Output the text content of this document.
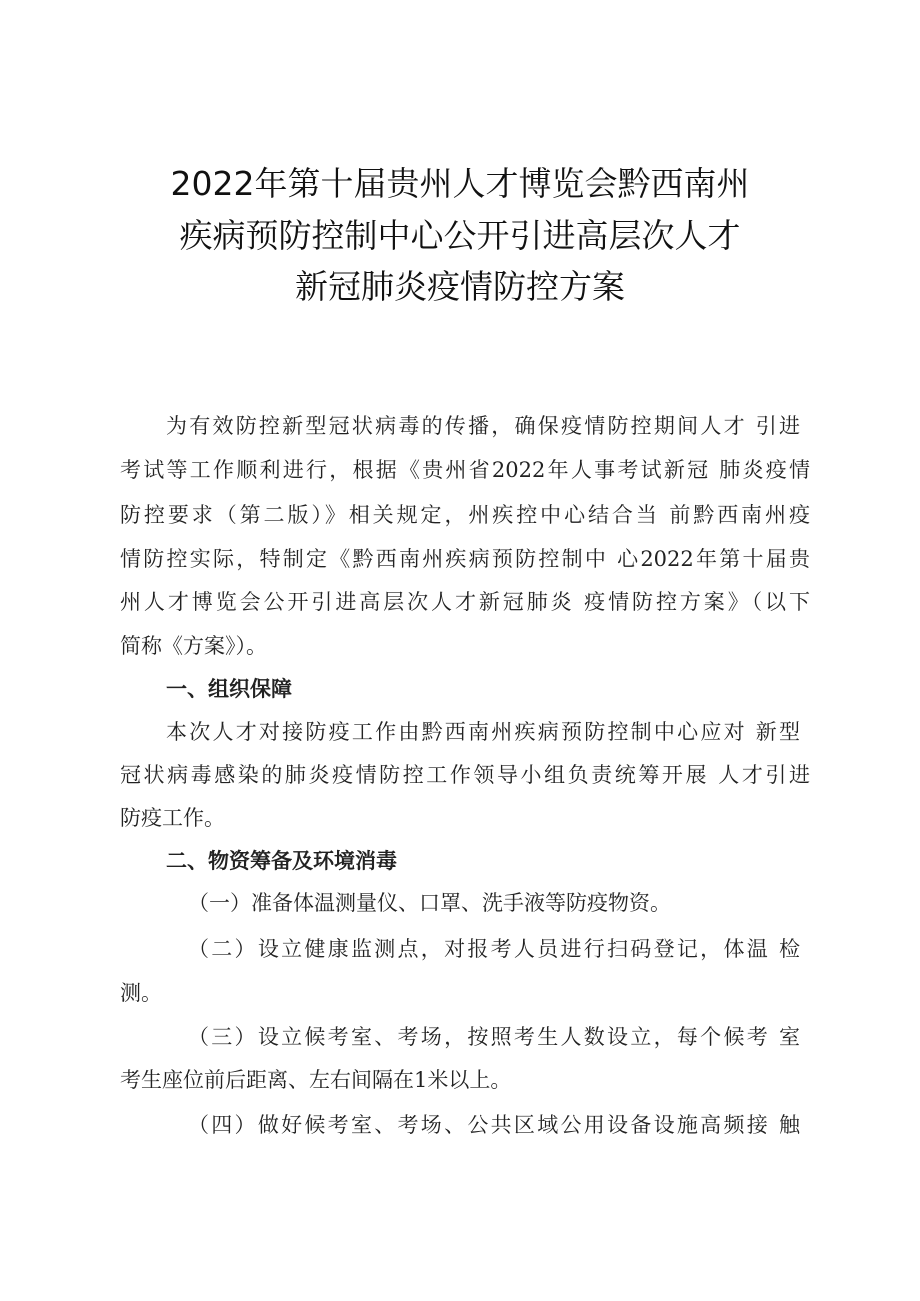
2022年第十届贵州人才博览会黔西南州
疾病预防控制中心公开引进高层次人才
新冠肺炎疫情防控方案
为有效防控新型冠状病毒的传播，确保疫情防控期间人才 引进
考试等工作顺利进行，根据《贵州省2022年人事考试新冠 肺炎疫情
防控要求（第二版）》相关规定，州疾控中心结合当 前黔西南州疫
情防控实际，特制定《黔西南州疾病预防控制中 心2022年第十届贵
州人才博览会公开引进高层次人才新冠肺炎 疫情防控方案》（以下
简称《方案》）。
一、组织保障
本次人才对接防疫工作由黔西南州疾病预防控制中心应对 新型
冠状病毒感染的肺炎疫情防控工作领导小组负责统筹开展 人才引进
防疫工作。
二、物资筹备及环境消毒
（一）准备体温测量仪、口罩、洗手液等防疫物资。
（二）设立健康监测点，对报考人员进行扫码登记，体温 检
测。
（三）设立候考室、考场，按照考生人数设立，每个候考 室
考生座位前后距离、左右间隔在1米以上。
（四）做好候考室、考场、公共区域公用设备设施高频接 触
